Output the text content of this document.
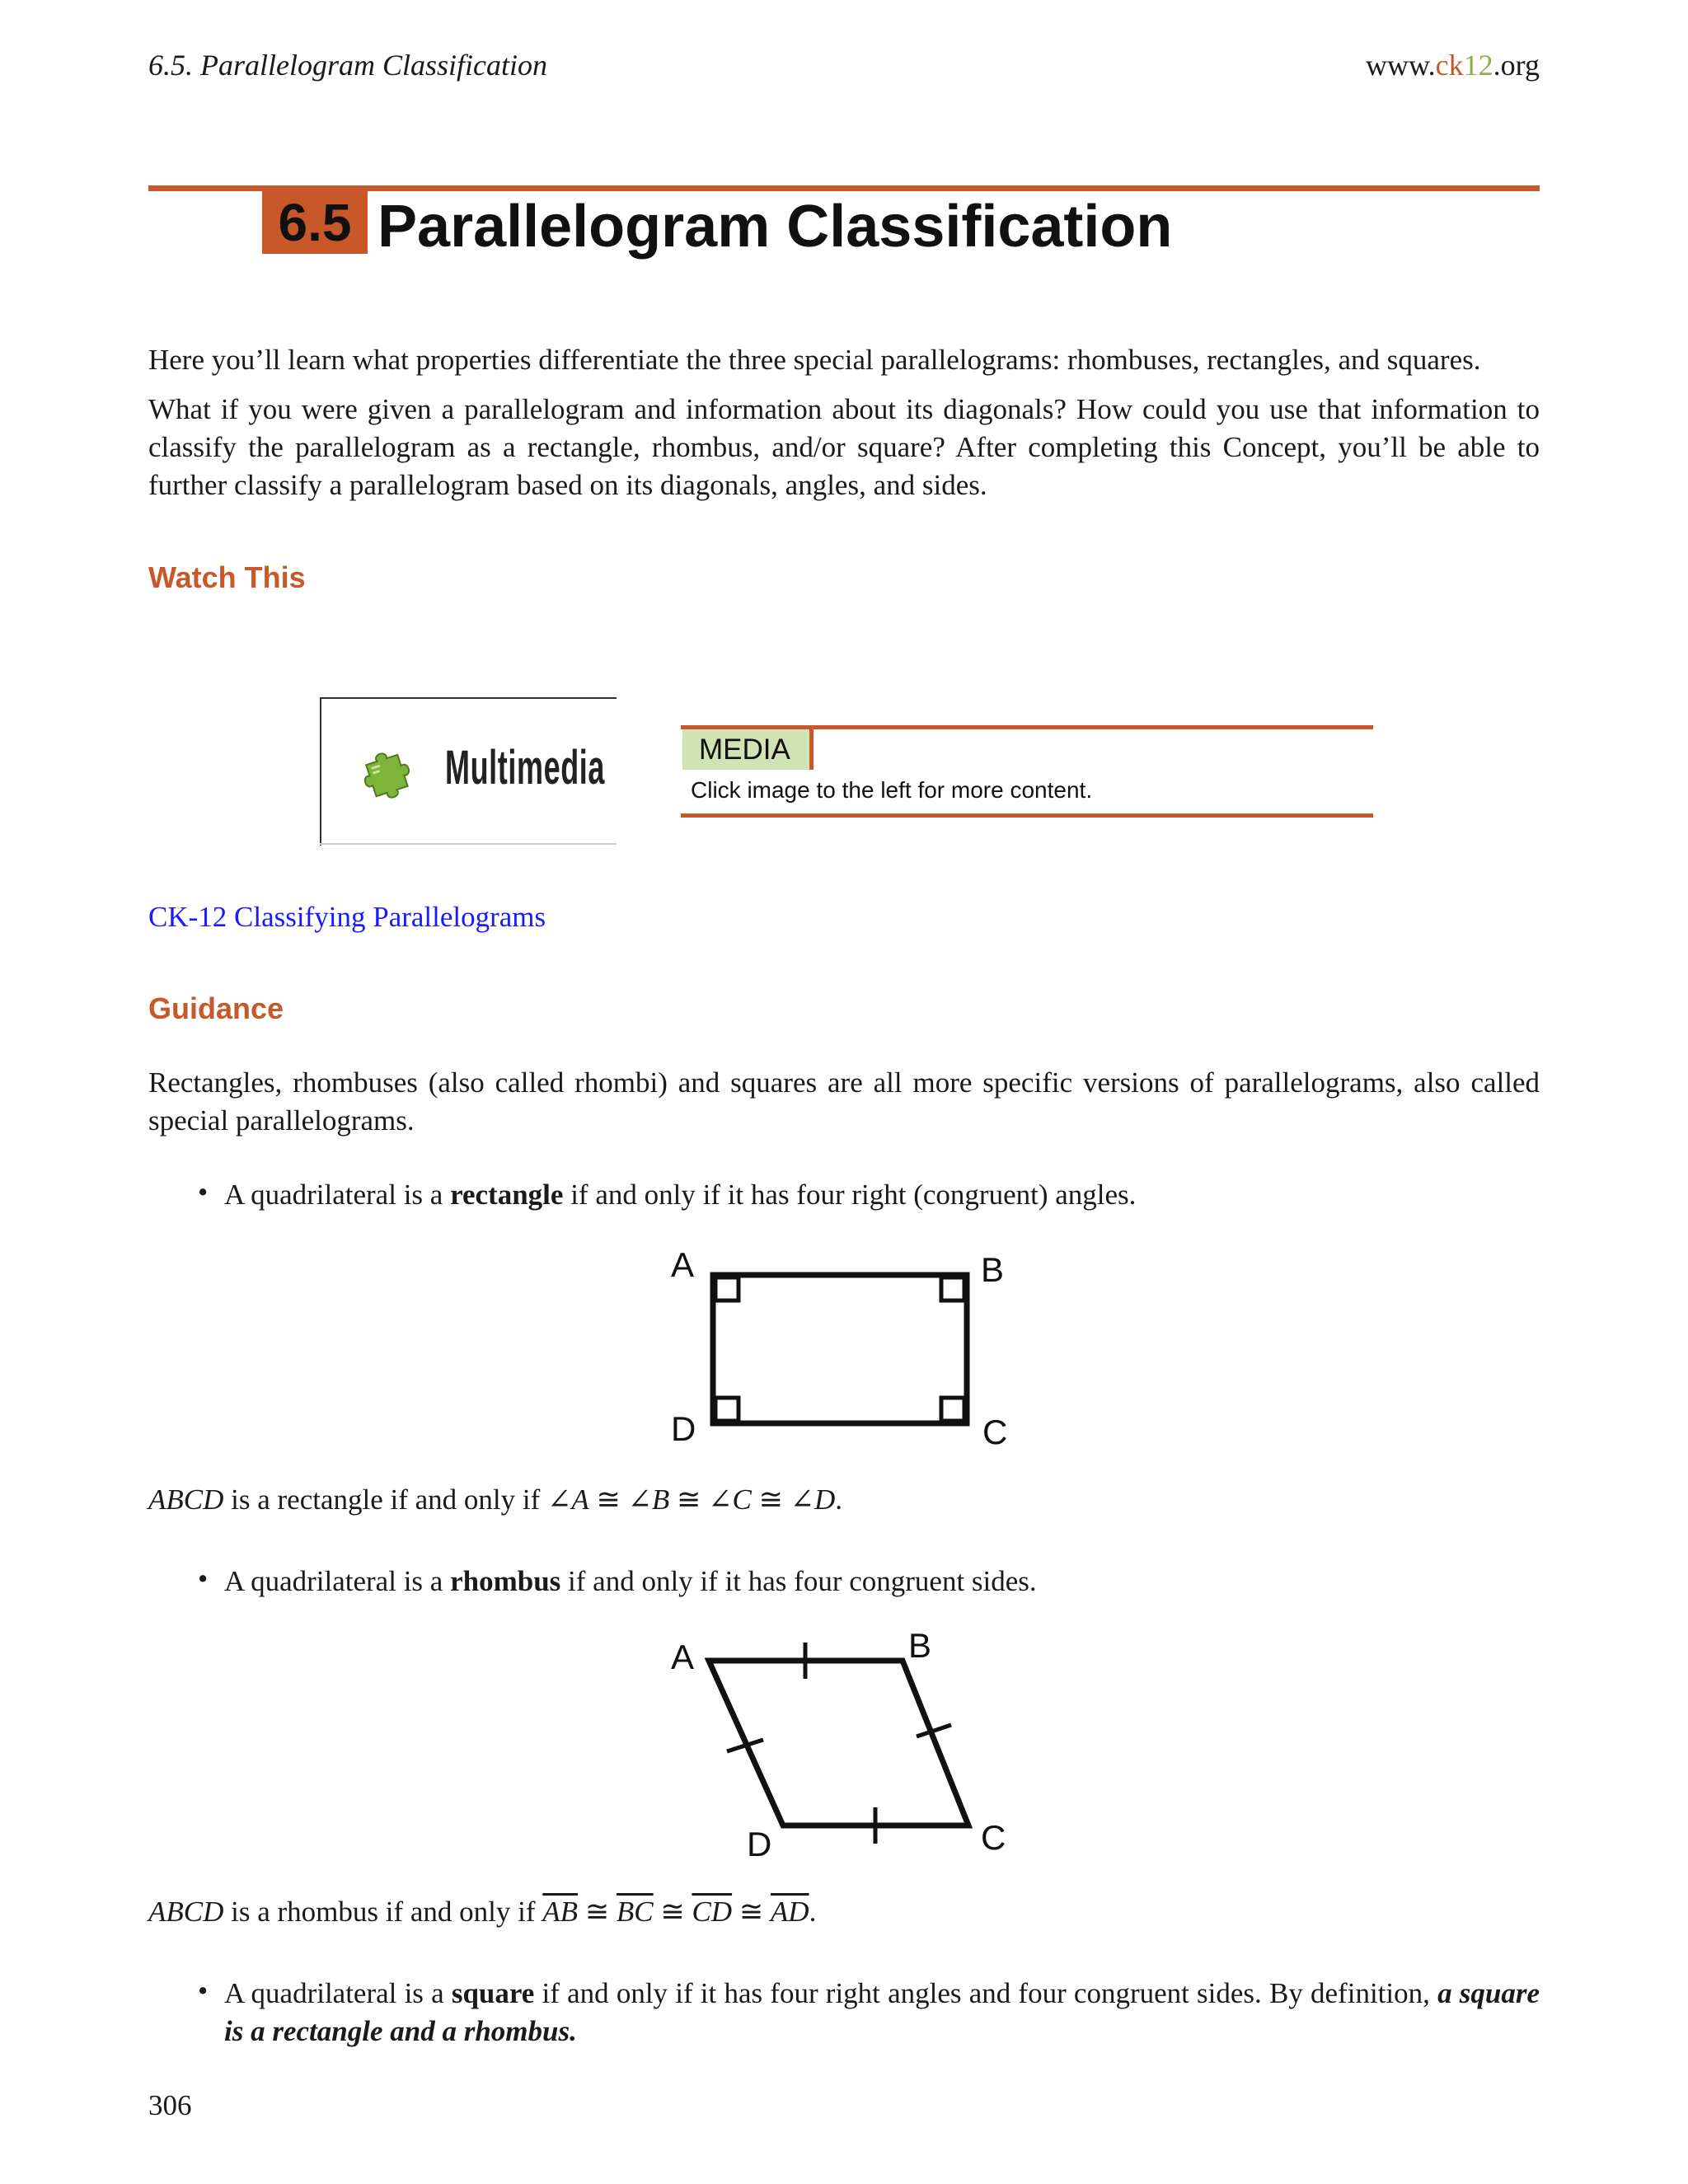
6.5. Parallelogram Classification	www.ck12.org
6.5 Parallelogram Classification
Here you’ll learn what properties differentiate the three special parallelograms: rhombuses, rectangles, and squares.
What if you were given a parallelogram and information about its diagonals? How could you use that information to classify the parallelogram as a rectangle, rhombus, and/or square? After completing this Concept, you’ll be able to further classify a parallelogram based on its diagonals, angles, and sides.
Watch This
Multimedia	MEDIA
Click image to the left for more content.
CK-12 Classifying Parallelograms
Guidance
Rectangles, rhombuses (also called rhombi) and squares are all more specific versions of parallelograms, also called special parallelograms.
• A quadrilateral is a rectangle if and only if it has four right (congruent) angles.
A	B
C
D
ABCD is a rectangle if and only if ∠A ≅ ∠B ≅ ∠C ≅ ∠D.
• A quadrilateral is a rhombus if and only if it has four congruent sides.
A	B
C
D
ABCD is a rhombus if and only if $\overline{AB}$ ≅ $\overline{BC}$ ≅ $\overline{CD}$ ≅ $\overline{AD}$.
• A quadrilateral is a square if and only if it has four right angles and four congruent sides. By definition, a square is a rectangle and a rhombus.
306
